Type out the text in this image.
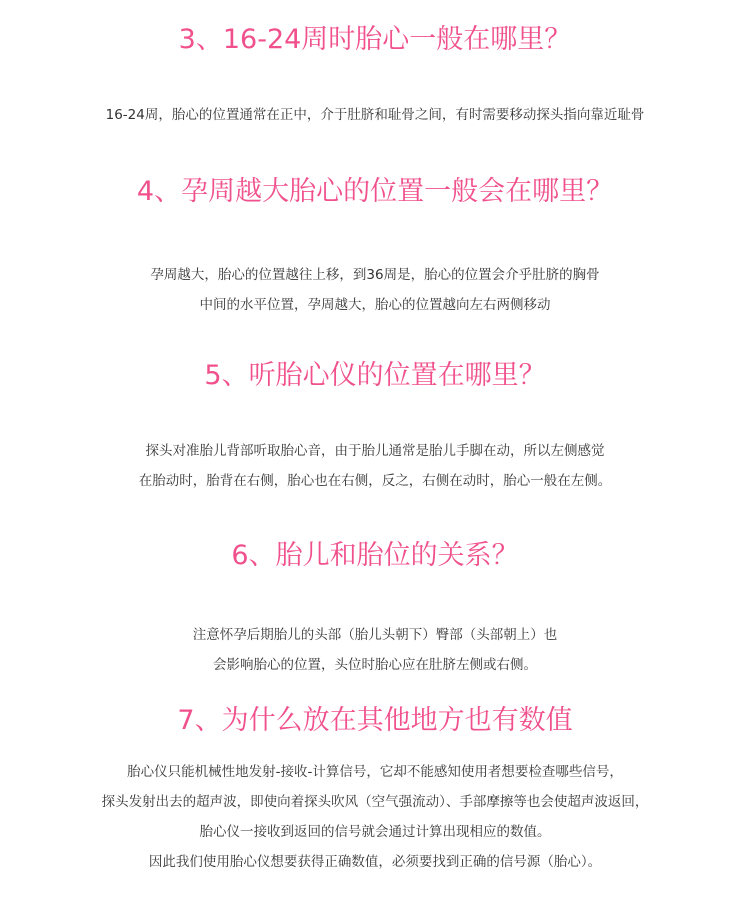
3、16-24周时胎心一般在哪里？

16-24周，胎心的位置通常在正中，介于肚脐和耻骨之间，有时需要移动探头指向靠近耻骨

4、孕周越大胎心的位置一般会在哪里？

孕周越大，胎心的位置越往上移，到36周是，胎心的位置会介乎肚脐的胸骨

中间的水平位置，孕周越大，胎心的位置越向左右两侧移动

5、听胎心仪的位置在哪里？

探头对准胎儿背部听取胎心音，由于胎儿通常是胎儿手脚在动，所以左侧感觉

在胎动时，胎背在右侧，胎心也在右侧，反之，右侧在动时，胎心一般在左侧。

6、胎儿和胎位的关系？

注意怀孕后期胎儿的头部（胎儿头朝下）臀部（头部朝上）也

会影响胎心的位置，头位时胎心应在肚脐左侧或右侧。

7、为什么放在其他地方也有数值

胎心仪只能机械性地发射-接收-计算信号，它却不能感知使用者想要检查哪些信号，

探头发射出去的超声波，即使向着探头吹风（空气强流动）、手部摩擦等也会使超声波返回，

胎心仪一接收到返回的信号就会通过计算出现相应的数值。

因此我们使用胎心仪想要获得正确数值，必须要找到正确的信号源（胎心）。
